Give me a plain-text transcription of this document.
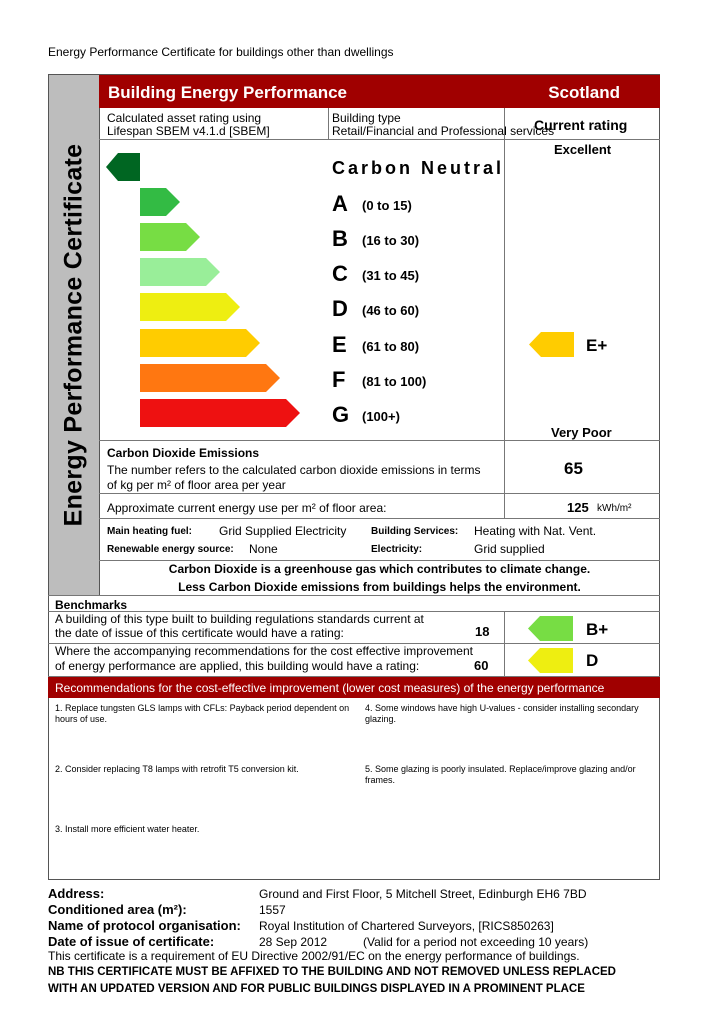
Energy Performance Certificate for buildings other than dwellings
Energy Performance Certificate
Building Energy Performance	Scotland
Calculated asset rating using
Lifespan SBEM v4.1.d [SBEM]
Building type
Retail/Financial and Professional services
Current rating
Excellent
Carbon Neutral
A (0 to 15)
B (16 to 30)
C (31 to 45)
D (46 to 60)
E (61 to 80)
F (81 to 100)
G (100+)
E+
Very Poor
Carbon Dioxide Emissions
The number refers to the calculated carbon dioxide emissions in terms
of kg per m² of floor area per year
65
Approximate current energy use per m² of floor area:	125 kWh/m²
Main heating fuel: Grid Supplied Electricity Building Services: Heating with Nat. Vent.
Renewable energy source: None	Electricity:	Grid supplied
Carbon Dioxide is a greenhouse gas which contributes to climate change.
Less Carbon Dioxide emissions from buildings helps the environment.
Benchmarks
A building of this type built to building regulations standards current at
the date of issue of this certificate would have a rating:	18	B+
Where the accompanying recommendations for the cost effective improvement
of energy performance are applied, this building would have a rating:	60	D
Recommendations for the cost-effective improvement (lower cost measures) of the energy performance
1. Replace tungsten GLS lamps with CFLs: Payback period dependent on hours of use.
2. Consider replacing T8 lamps with retrofit T5 conversion kit.
3. Install more efficient water heater.
4. Some windows have high U-values - consider installing secondary glazing.
5. Some glazing is poorly insulated. Replace/improve glazing and/or frames.
Address:	Ground and First Floor, 5 Mitchell Street, Edinburgh EH6 7BD
Conditioned area (m²):	1557
Name of protocol organisation: Royal Institution of Chartered Surveyors, [RICS850263]
Date of issue of certificate:	28 Sep 2012	(Valid for a period not exceeding 10 years)
This certificate is a requirement of EU Directive 2002/91/EC on the energy performance of buildings.
NB THIS CERTIFICATE MUST BE AFFIXED TO THE BUILDING AND NOT REMOVED UNLESS REPLACED
WITH AN UPDATED VERSION AND FOR PUBLIC BUILDINGS DISPLAYED IN A PROMINENT PLACE
